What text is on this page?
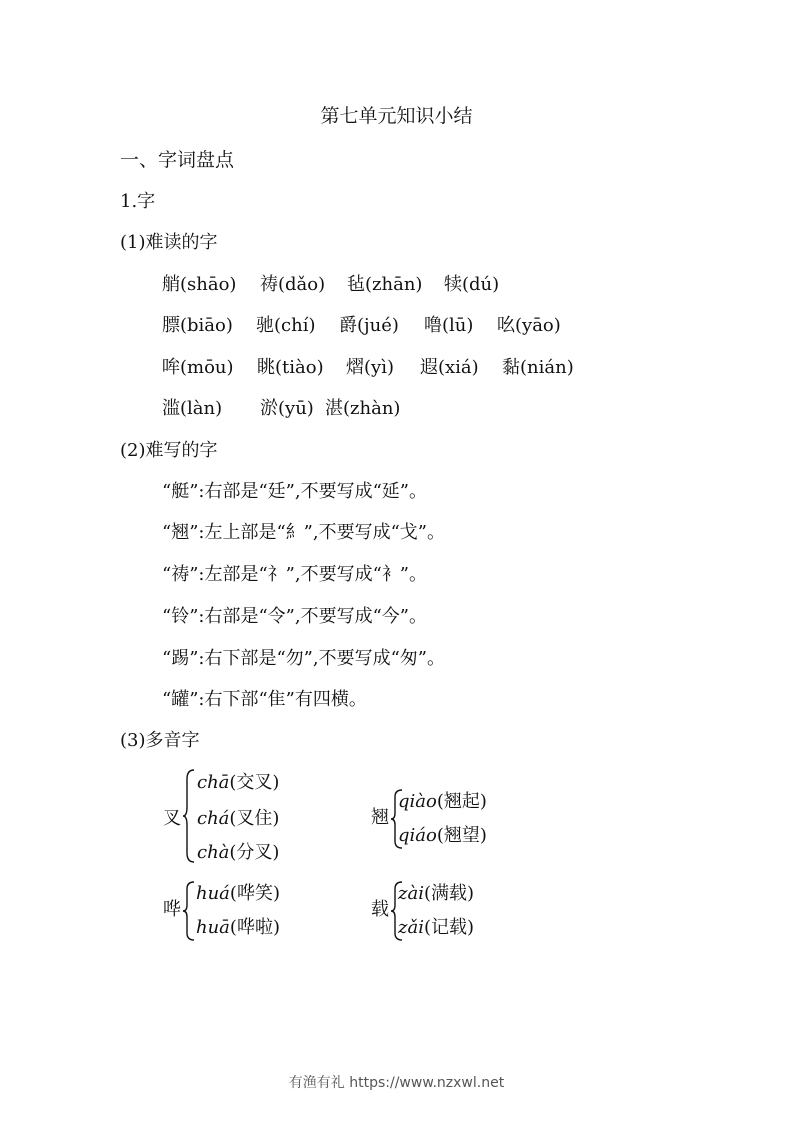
第七单元知识小结
一、字词盘点
1.字
(1)难读的字
艄(shāo) 祷(dǎo) 毡(zhān) 犊(dú)
膘(biāo) 驰(chí) 爵(jué) 噜(lū) 吆(yāo)
哞(mōu) 眺(tiào) 熠(yì) 遐(xiá) 黏(nián)
滥(làn) 淤(yū) 湛(zhàn)
(2)难写的字
“艇”:右部是“廷”,不要写成“延”。
“翘”:左上部是“⺯”,不要写成“戈”。
“祷”:左部是“礻”,不要写成“衤”。
“铃”:右部是“令”,不要写成“今”。
“踢”:右下部是“勿”,不要写成“匆”。
“罐”:右下部“隹”有四横。
(3)多音字
叉
chā(交叉)
chá(叉住)
chà(分叉)
翘
qiào(翘起)
qiáo(翘望)
哗
huá(哗笑)
huā(哗啦)
载
zài(满载)
zǎi(记载)
有渔有礼 https://www.nzxwl.net
